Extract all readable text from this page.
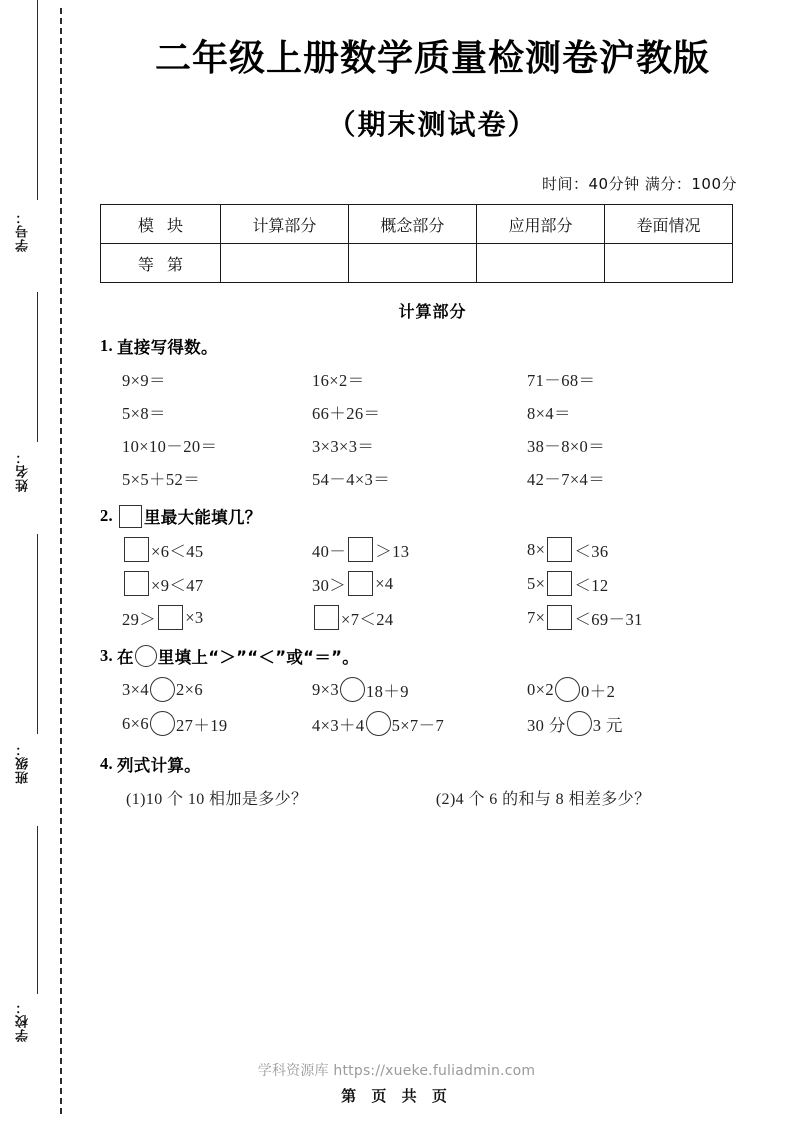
学号：
姓名：
班级：
学校：
二年级上册数学质量检测卷沪教版
（期末测试卷）

时间：40分钟 满分：100分

模 块	计算部分	概念部分	应用部分	卷面情况
等 第				
计算部分
1. 直接写得数。
9×9＝	16×2＝	71－68＝
5×8＝	66＋26＝	8×4＝
10×10－20＝	3×3×3＝	38－8×0＝
5×5＋52＝	54－4×3＝	42－7×4＝
2. 里最大能填几？
×6＜45	40－ ＞13	8× ＜36
×9＜47	30＞ ×4	5× ＜12
29＞ ×3	×7＜24	7× ＜69－31
3. 在 里填上“＞”“＜”或“＝”。
3×4 2×6	9×3 18＋9	0×2 0＋2
6×6 27＋19	4×3＋4 5×7－7	30 分 3 元
4. 列式计算。
(1)10 个 10 相加是多少？	(2)4 个 6 的和与 8 相差多少？
学科资源库 https://xueke.fuliadmin.com
第 页 共 页
